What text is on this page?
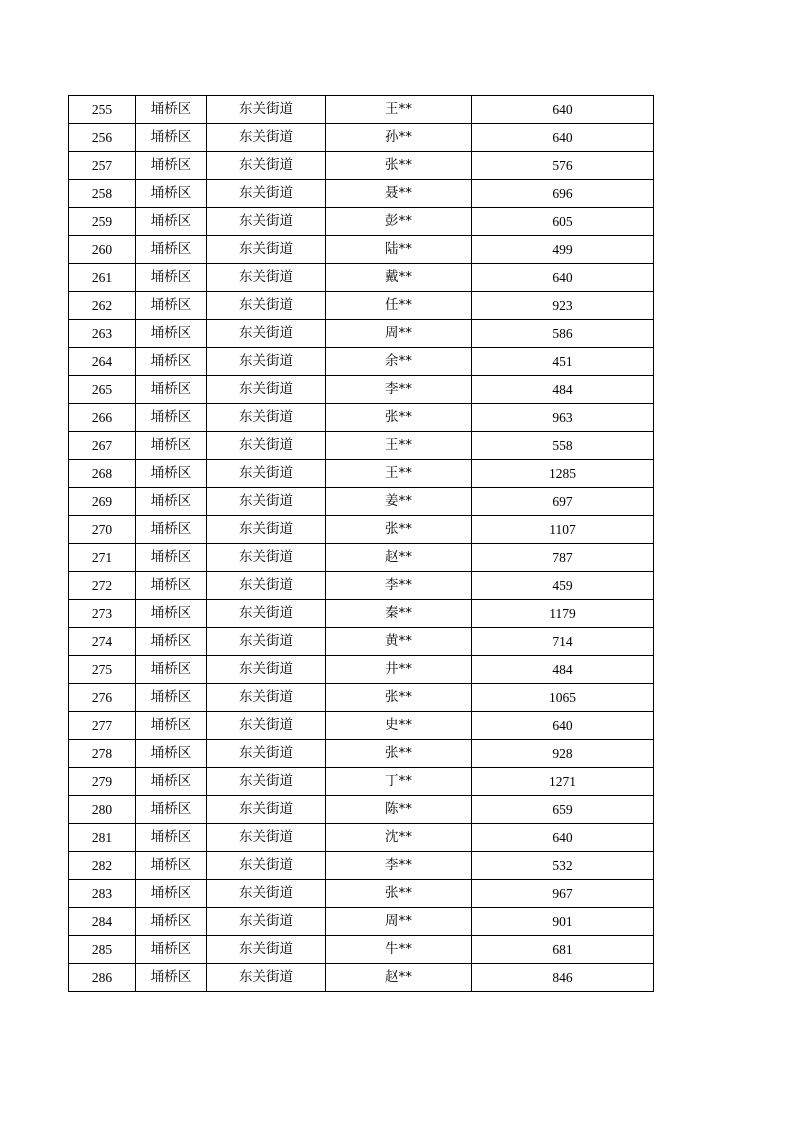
255	埇桥区	东关街道	王**	640
256	埇桥区	东关街道	孙**	640
257	埇桥区	东关街道	张**	576
258	埇桥区	东关街道	聂**	696
259	埇桥区	东关街道	彭**	605
260	埇桥区	东关街道	陆**	499
261	埇桥区	东关街道	戴**	640
262	埇桥区	东关街道	任**	923
263	埇桥区	东关街道	周**	586
264	埇桥区	东关街道	余**	451
265	埇桥区	东关街道	李**	484
266	埇桥区	东关街道	张**	963
267	埇桥区	东关街道	王**	558
268	埇桥区	东关街道	王**	1285
269	埇桥区	东关街道	姜**	697
270	埇桥区	东关街道	张**	1107
271	埇桥区	东关街道	赵**	787
272	埇桥区	东关街道	李**	459
273	埇桥区	东关街道	秦**	1179
274	埇桥区	东关街道	黄**	714
275	埇桥区	东关街道	井**	484
276	埇桥区	东关街道	张**	1065
277	埇桥区	东关街道	史**	640
278	埇桥区	东关街道	张**	928
279	埇桥区	东关街道	丁**	1271
280	埇桥区	东关街道	陈**	659
281	埇桥区	东关街道	沈**	640
282	埇桥区	东关街道	李**	532
283	埇桥区	东关街道	张**	967
284	埇桥区	东关街道	周**	901
285	埇桥区	东关街道	牛**	681
286	埇桥区	东关街道	赵**	846
